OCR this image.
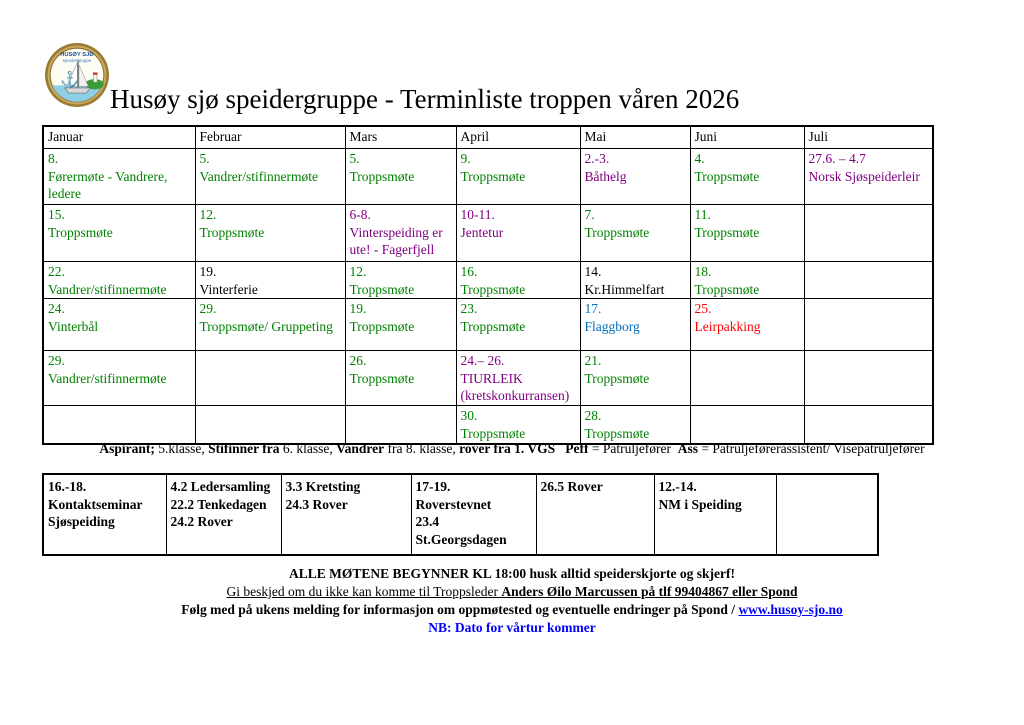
⚓
HUSØY SJØ
speidergruppe
Husøy sjø speidergruppe - Terminliste troppen våren 2026
Januar	Februar	Mars	April	Mai	Juni	Juli

8.
Førermøte - Vandrere, ledere

5.
Vandrer/stifinnermøte

5.
Troppsmøte

9.
Troppsmøte

2.-3.
Båthelg

4.
Troppsmøte

27.6. – 4.7
Norsk Sjøspeiderleir

15.
Troppsmøte

12.
Troppsmøte

6-8.
Vinterspeiding er ute! - Fagerfjell

10-11.
Jentetur

7.
Troppsmøte

11.
Troppsmøte

22.
Vandrer/stifinnermøte

19.
Vinterferie

12.
Troppsmøte

16.
Troppsmøte

14.
Kr.Himmelfart

18.
Troppsmøte

24.
Vinterbål

29.
Troppsmøte/ Gruppeting

19.
Troppsmøte

23.
Troppsmøte

17.
Flaggborg

25.
Leirpakking

29.
Vandrer/stifinnermøte

26.
Troppsmøte

24.– 26.
TIURLEIK
(kretskonkurransen)

21.
Troppsmøte

30.
Troppsmøte

28.
Troppsmøte

Aspirant; 5.klasse, Stifinner fra 6. klasse, Vandrer fra 8. klasse, rover fra 1. VGS Peff = Patruljefører  Ass = Patruljeførerassistent/ Visepatruljefører
16.-18.
Kontaktseminar
Sjøspeiding

4.2 Ledersamling
22.2 Tenkedagen
24.2 Rover

3.3 Kretsting
24.3 Rover

17-19.
Roverstevnet
23.4
St.Georgsdagen

26.5 Rover	12.-14.
NM i Speiding

ALLE MØTENE BEGYNNER KL 18:00 husk alltid speiderskjorte og skjerf!
Gi beskjed om du ikke kan komme til Troppsleder Anders Øilo Marcussen på tlf 99404867 eller Spond
Følg med på ukens melding for informasjon om oppmøtested og eventuelle endringer på Spond / www.husoy-sjo.no
NB: Dato for vårtur kommer
